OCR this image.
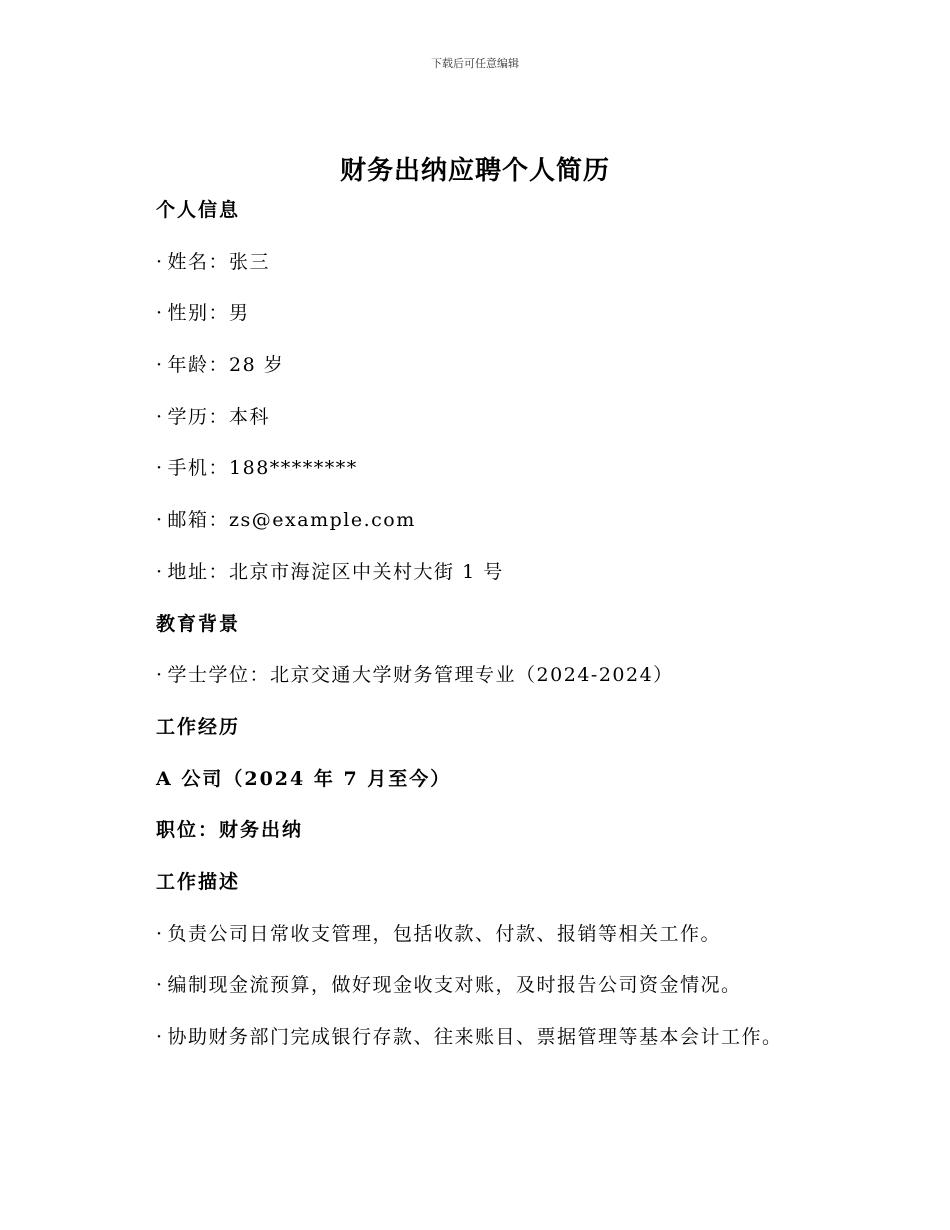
下载后可任意编辑
财务出纳应聘个人简历
个人信息
· 姓名：张三
· 性别：男
· 年龄：28 岁
· 学历：本科
· 手机：188********
· 邮箱：zs@example.com
· 地址：北京市海淀区中关村大街 1 号
教育背景
· 学士学位：北京交通大学财务管理专业（2024-2024）
工作经历
A 公司（2024 年 7 月至今）
职位：财务出纳
工作描述
· 负责公司日常收支管理，包括收款、付款、报销等相关工作。
· 编制现金流预算，做好现金收支对账，及时报告公司资金情况。
· 协助财务部门完成银行存款、往来账目、票据管理等基本会计工作。
